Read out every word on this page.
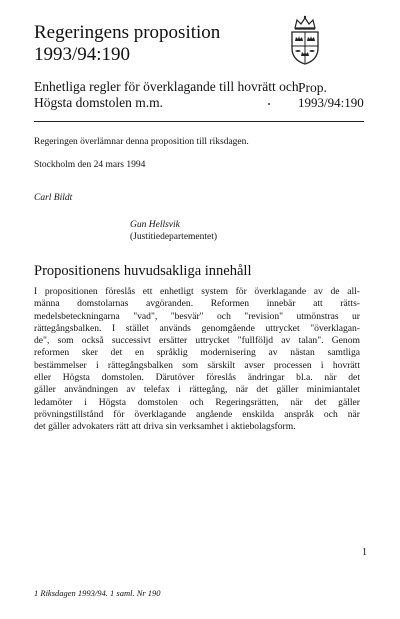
Regeringens proposition
1993/94:190
Enhetliga regler för överklagande till hovrätt och
Högsta domstolen m.m.
Prop.
1993/94:190
Regeringen överlämnar denna proposition till riksdagen.
Stockholm den 24 mars 1994
Carl Bildt
Gun Hellsvik
(Justitiedepartementet)
Propositionens huvudsakliga innehåll

I propositionen föreslås ett enhetligt system för överklagande av de all-

männa domstolarnas avgöranden. Reformen innebär att rätts-

medelsbeteckningarna "vad", "besvär" och "revision" utmönstras ur

rättegångsbalken. I stället används genomgående uttrycket "överklagan-

de", som också successivt ersätter uttrycket "fullföljd av talan". Genom

reformen sker det en språklig modernisering av nästan samtliga

bestämmelser i rättegångsbalken som särskilt avser processen i hovrätt

eller Högsta domstolen. Därutöver föreslås ändringar bl.a. när det

gäller användningen av telefax i rättegång, när det gäller minimiantalet

ledamöter i Högsta domstolen och Regeringsrätten, när det gäller

prövningstillstånd för överklagande angående enskilda anspråk och när

det gäller advokaters rätt att driva sin verksamhet i aktiebolagsform.

1
1 Riksdagen 1993/94. 1 saml. Nr 190
